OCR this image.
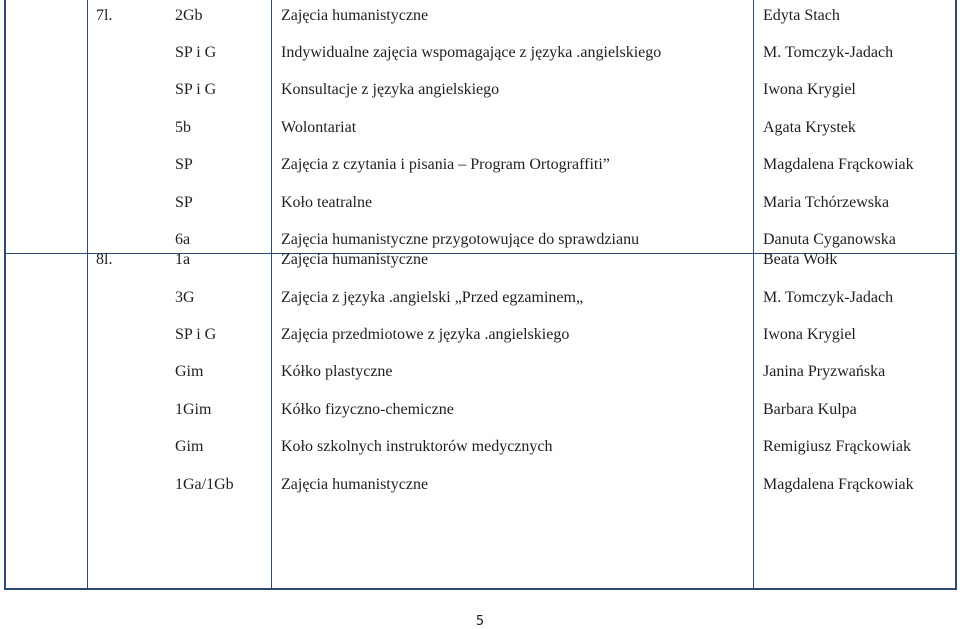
7l.	2Gb	Zajęcia humanistyczne	Edyta Stach
SP i G	Indywidualne zajęcia wspomagające z języka .angielskiego	M. Tomczyk-Jadach
SP i G	Konsultacje z języka angielskiego	Iwona Krygiel
5b	Wolontariat	Agata Krystek
SP	Zajęcia z czytania i pisania – Program Ortograffiti”	Magdalena Frąckowiak
SP	Koło teatralne	Maria Tchórzewska
6a	Zajęcia humanistyczne przygotowujące do sprawdzianu	Danuta Cyganowska
8l.	1a	Zajęcia humanistyczne	Beata Wołk
3G	Zajęcia z języka .angielski „Przed egzaminem„	M. Tomczyk-Jadach
SP i G	Zajęcia przedmiotowe z języka .angielskiego	Iwona Krygiel
Gim	Kółko plastyczne	Janina Pryzwańska
1Gim	Kółko fizyczno-chemiczne	Barbara Kulpa
Gim	Koło szkolnych instruktorów medycznych	Remigiusz Frąckowiak
1Ga/1Gb	Zajęcia humanistyczne	Magdalena Frąckowiak
5
